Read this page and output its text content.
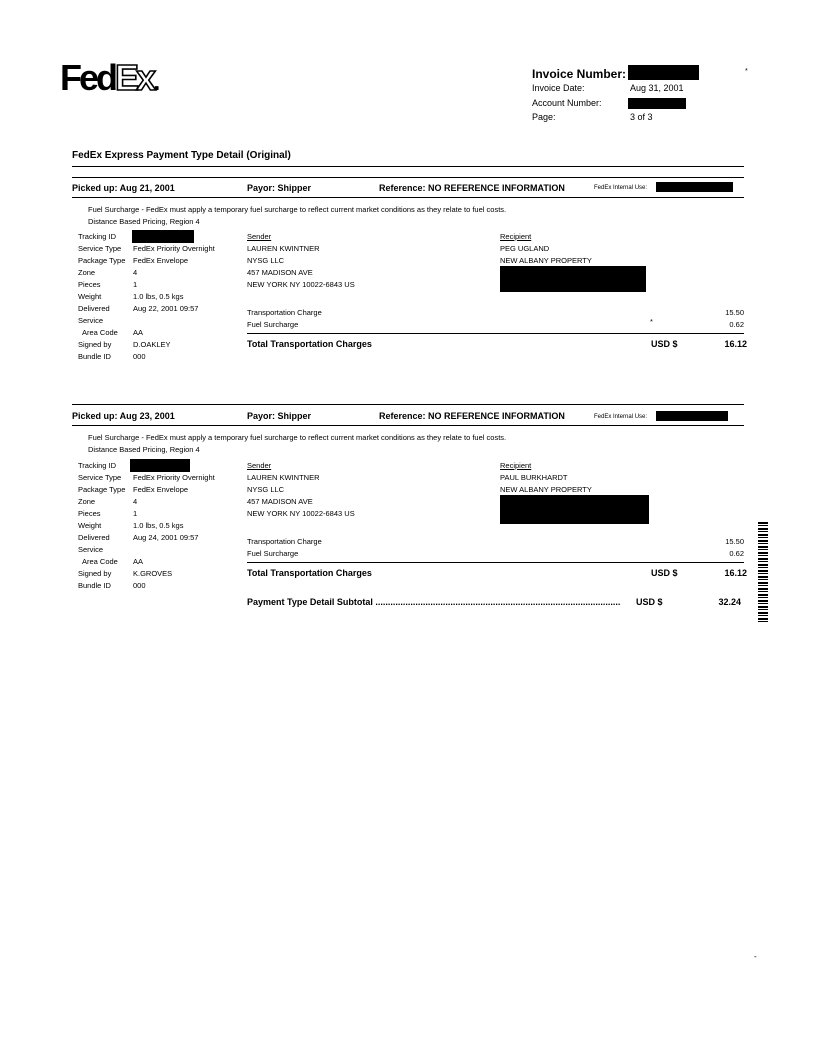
FedEx.	Invoice Number:	*
Invoice Date:	Aug 31, 2001
Account Number:
Page:	3 of 3
FedEx Express Payment Type Detail (Original)
Picked up: Aug 21, 2001	Payor: Shipper	Reference: NO REFERENCE INFORMATION	FedEx Internal Use:
Fuel Surcharge - FedEx must apply a temporary fuel surcharge to reflect current market conditions as they relate to fuel costs.
Distance Based Pricing, Region 4
Tracking ID
Service Type	FedEx Priority Overnight
Package Type	FedEx Envelope
Zone	4
Pieces	1
Weight	1.0 lbs, 0.5 kgs
Delivered	Aug 22, 2001 09:57
Service
Area Code AA
Signed by	D.OAKLEY
Bundle ID	000
Sender
LAUREN KWINTNER
NYSG LLC
457 MADISON AVE
NEW YORK NY 10022-6843 US
Recipient
PEG UGLAND
NEW ALBANY PROPERTY
Transportation Charge	15.50
Fuel Surcharge	*	0.62
Total Transportation Charges	USD $	16.12
Picked up: Aug 23, 2001	Payor: Shipper	Reference: NO REFERENCE INFORMATION	FedEx Internal Use:
Fuel Surcharge - FedEx must apply a temporary fuel surcharge to reflect current market conditions as they relate to fuel costs.
Distance Based Pricing, Region 4
Tracking ID
Service Type	FedEx Priority Overnight
Package Type	FedEx Envelope
Zone	4
Pieces	1
Weight	1.0 lbs, 0.5 kgs
Delivered	Aug 24, 2001 09:57
Service
Area Code AA
Signed by	K.GROVES
Bundle ID	000
Sender
LAUREN KWINTNER
NYSG LLC
457 MADISON AVE
NEW YORK NY 10022-6843 US
Recipient
PAUL BURKHARDT
NEW ALBANY PROPERTY
Transportation Charge	15.50
Fuel Surcharge	0.62
Total Transportation Charges	USD $	16.12
Payment Type Detail Subtotal ..................................................................................................	USD $	32.24
-
